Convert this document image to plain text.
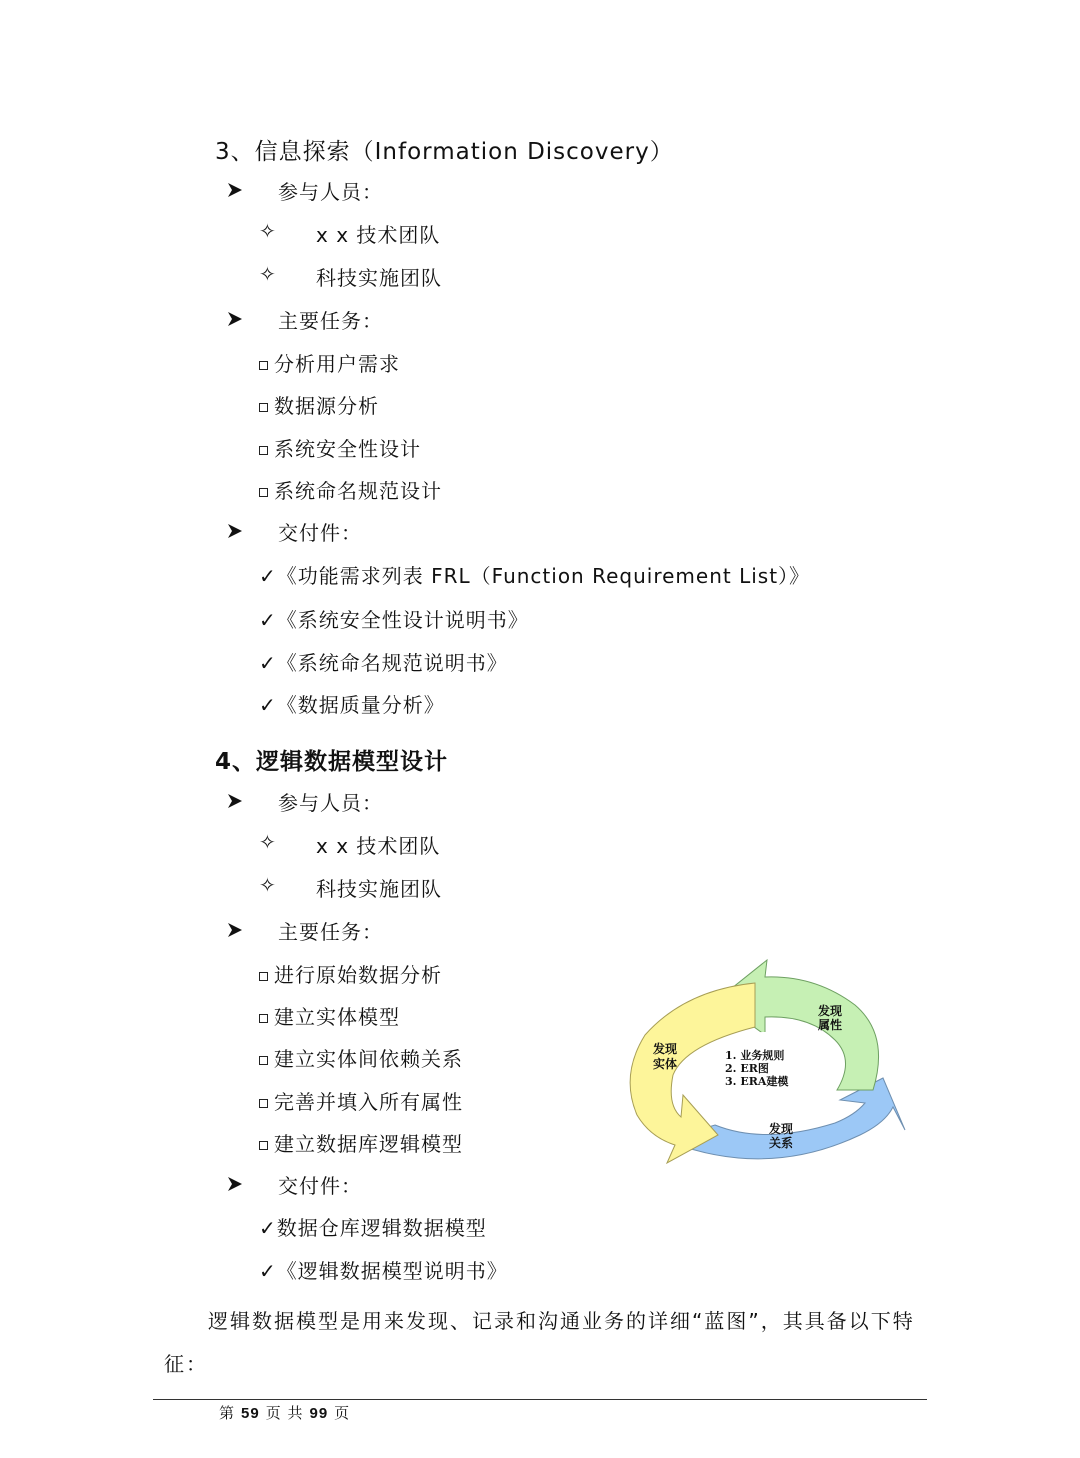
3、信息探索（Information Discovery）
参与人员：
✧ x x 技术团队
✧ 科技实施团队
主要任务：
分析用户需求
数据源分析
系统安全性设计
系统命名规范设计
交付件：
✓《功能需求列表 FRL（Function Requirement List）》
✓《系统安全性设计说明书》
✓《系统命名规范说明书》
✓《数据质量分析》
4、逻辑数据模型设计
参与人员：
✧ x x 技术团队
✧ 科技实施团队
主要任务：
进行原始数据分析
建立实体模型
建立实体间依赖关系
完善并填入所有属性
建立数据库逻辑模型
交付件：
✓数据仓库逻辑数据模型
✓《逻辑数据模型说明书》
发现
实体
发现
属性
发现
关系
1. 业务规则
2. ER图
3. ERA建模
逻辑数据模型是用来发现、记录和沟通业务的详细“蓝图”，其具备以下特
征：
第 59 页 共 99 页
